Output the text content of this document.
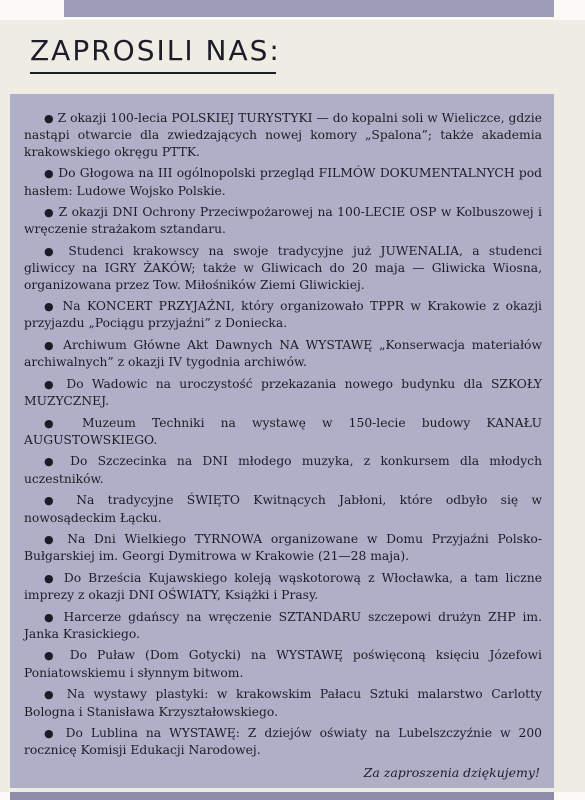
ZAPROSILI NAS:

● Z okazji 100-lecia POLSKIEJ TURYSTYKI — do kopalni soli w Wieliczce, gdzie nastąpi otwarcie dla zwiedzających nowej komory „Spalona”; także akademia krakowskiego okręgu PTTK.

● Do Głogowa na III ogólnopolski przegląd FILMÓW DOKUMENTALNYCH pod hasłem: Ludowe Wojsko Polskie.

● Z okazji DNI Ochrony Przeciwpożarowej na 100-LECIE OSP w Kolbuszowej i wręczenie strażakom sztandaru.

● Studenci krakowscy na swoje tradycyjne już JUWENALIA, a studenci gliwiccy na IGRY ŻAKÓW; także w Gliwicach do 20 maja — Gliwicka Wiosna, organizowana przez Tow. Miłośników Ziemi Gliwickiej.

● Na KONCERT PRZYJAŹNI, który organizowało TPPR w Krakowie z okazji przyjazdu „Pociągu przyjaźni” z Doniecka.

● Archiwum Główne Akt Dawnych NA WYSTAWĘ „Konserwacja materiałów archiwalnych” z okazji IV tygodnia archiwów.

● Do Wadowic na uroczystość przekazania nowego budynku dla SZKOŁY MUZYCZNEJ.

● Muzeum Techniki na wystawę w 150-lecie budowy KANAŁU AUGUSTOWSKIEGO.

● Do Szczecinka na DNI młodego muzyka, z konkursem dla młodych uczestników.

● Na tradycyjne ŚWIĘTO Kwitnących Jabłoni, które odbyło się w nowosądeckim Łącku.

● Na Dni Wielkiego TYRNOWA organizowane w Domu Przyjaźni Polsko-Bułgarskiej im. Georgi Dymitrowa w Krakowie (21—28 maja).

● Do Brześcia Kujawskiego koleją wąskotorową z Włocławka, a tam liczne imprezy z okazji DNI OŚWIATY, Książki i Prasy.

● Harcerze gdańscy na wręczenie SZTANDARU szczepowi drużyn ZHP im. Janka Krasickiego.

● Do Puław (Dom Gotycki) na WYSTAWĘ poświęconą księciu Józefowi Poniatowskiemu i słynnym bitwom.

● Na wystawy plastyki: w krakowskim Pałacu Sztuki malarstwo Carlotty Bologna i Stanisława Krzyształowskiego.

● Do Lublina na WYSTAWĘ: Z dziejów oświaty na Lubelszczyźnie w 200 rocznicę Komisji Edukacji Narodowej.

Za zaproszenia dziękujemy!
